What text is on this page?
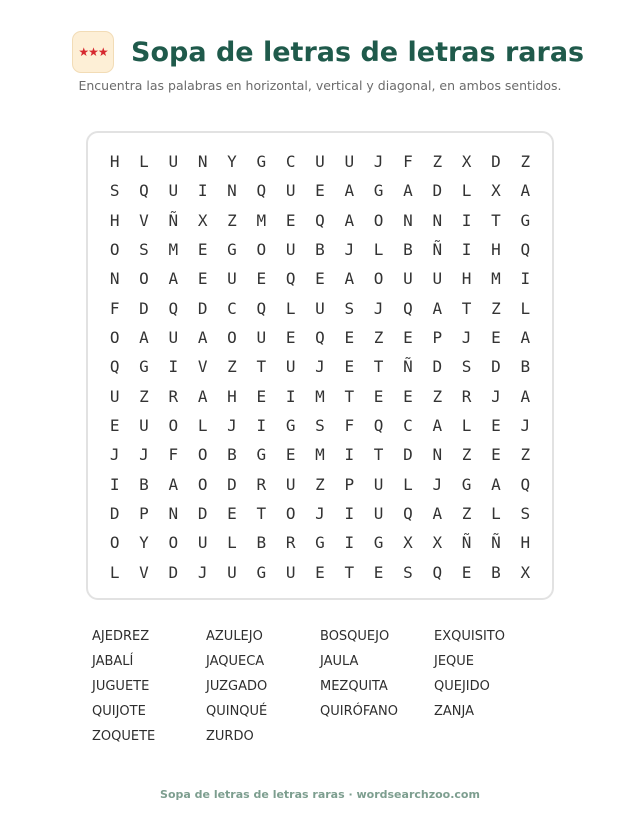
★★★ Sopa de letras de letras raras
Encuentra las palabras en horizontal, vertical y diagonal, en ambos sentidos.
H	L	U	N	Y	G	C	U	U	J	F	Z	X	D	Z
S	Q	U	I	N	Q	U	E	A	G	A	D	L	X	A
H	V	Ñ	X	Z	M	E	Q	A	O	N	N	I	T	G
O	S	M	E	G	O	U	B	J	L	B	Ñ	I	H	Q
N	O	A	E	U	E	Q	E	A	O	U	U	H	M	I
F	D	Q	D	C	Q	L	U	S	J	Q	A	T	Z	L
O	A	U	A	O	U	E	Q	E	Z	E	P	J	E	A
Q	G	I	V	Z	T	U	J	E	T	Ñ	D	S	D	B
U	Z	R	A	H	E	I	M	T	E	E	Z	R	J	A
E	U	O	L	J	I	G	S	F	Q	C	A	L	E	J
J	J	F	O	B	G	E	M	I	T	D	N	Z	E	Z
I	B	A	O	D	R	U	Z	P	U	L	J	G	A	Q
D	P	N	D	E	T	O	J	I	U	Q	A	Z	L	S
O	Y	O	U	L	B	R	G	I	G	X	X	Ñ	Ñ	H
L	V	D	J	U	G	U	E	T	E	S	Q	E	B	X
AJEDREZ	AZULEJO	BOSQUEJO	EXQUISITO
JABALÍ	JAQUECA	JAULA	JEQUE
JUGUETE	JUZGADO	MEZQUITA	QUEJIDO
QUIJOTE	QUINQUÉ	QUIRÓFANO	ZANJA
ZOQUETE	ZURDO
Sopa de letras de letras raras · wordsearchzoo.com
